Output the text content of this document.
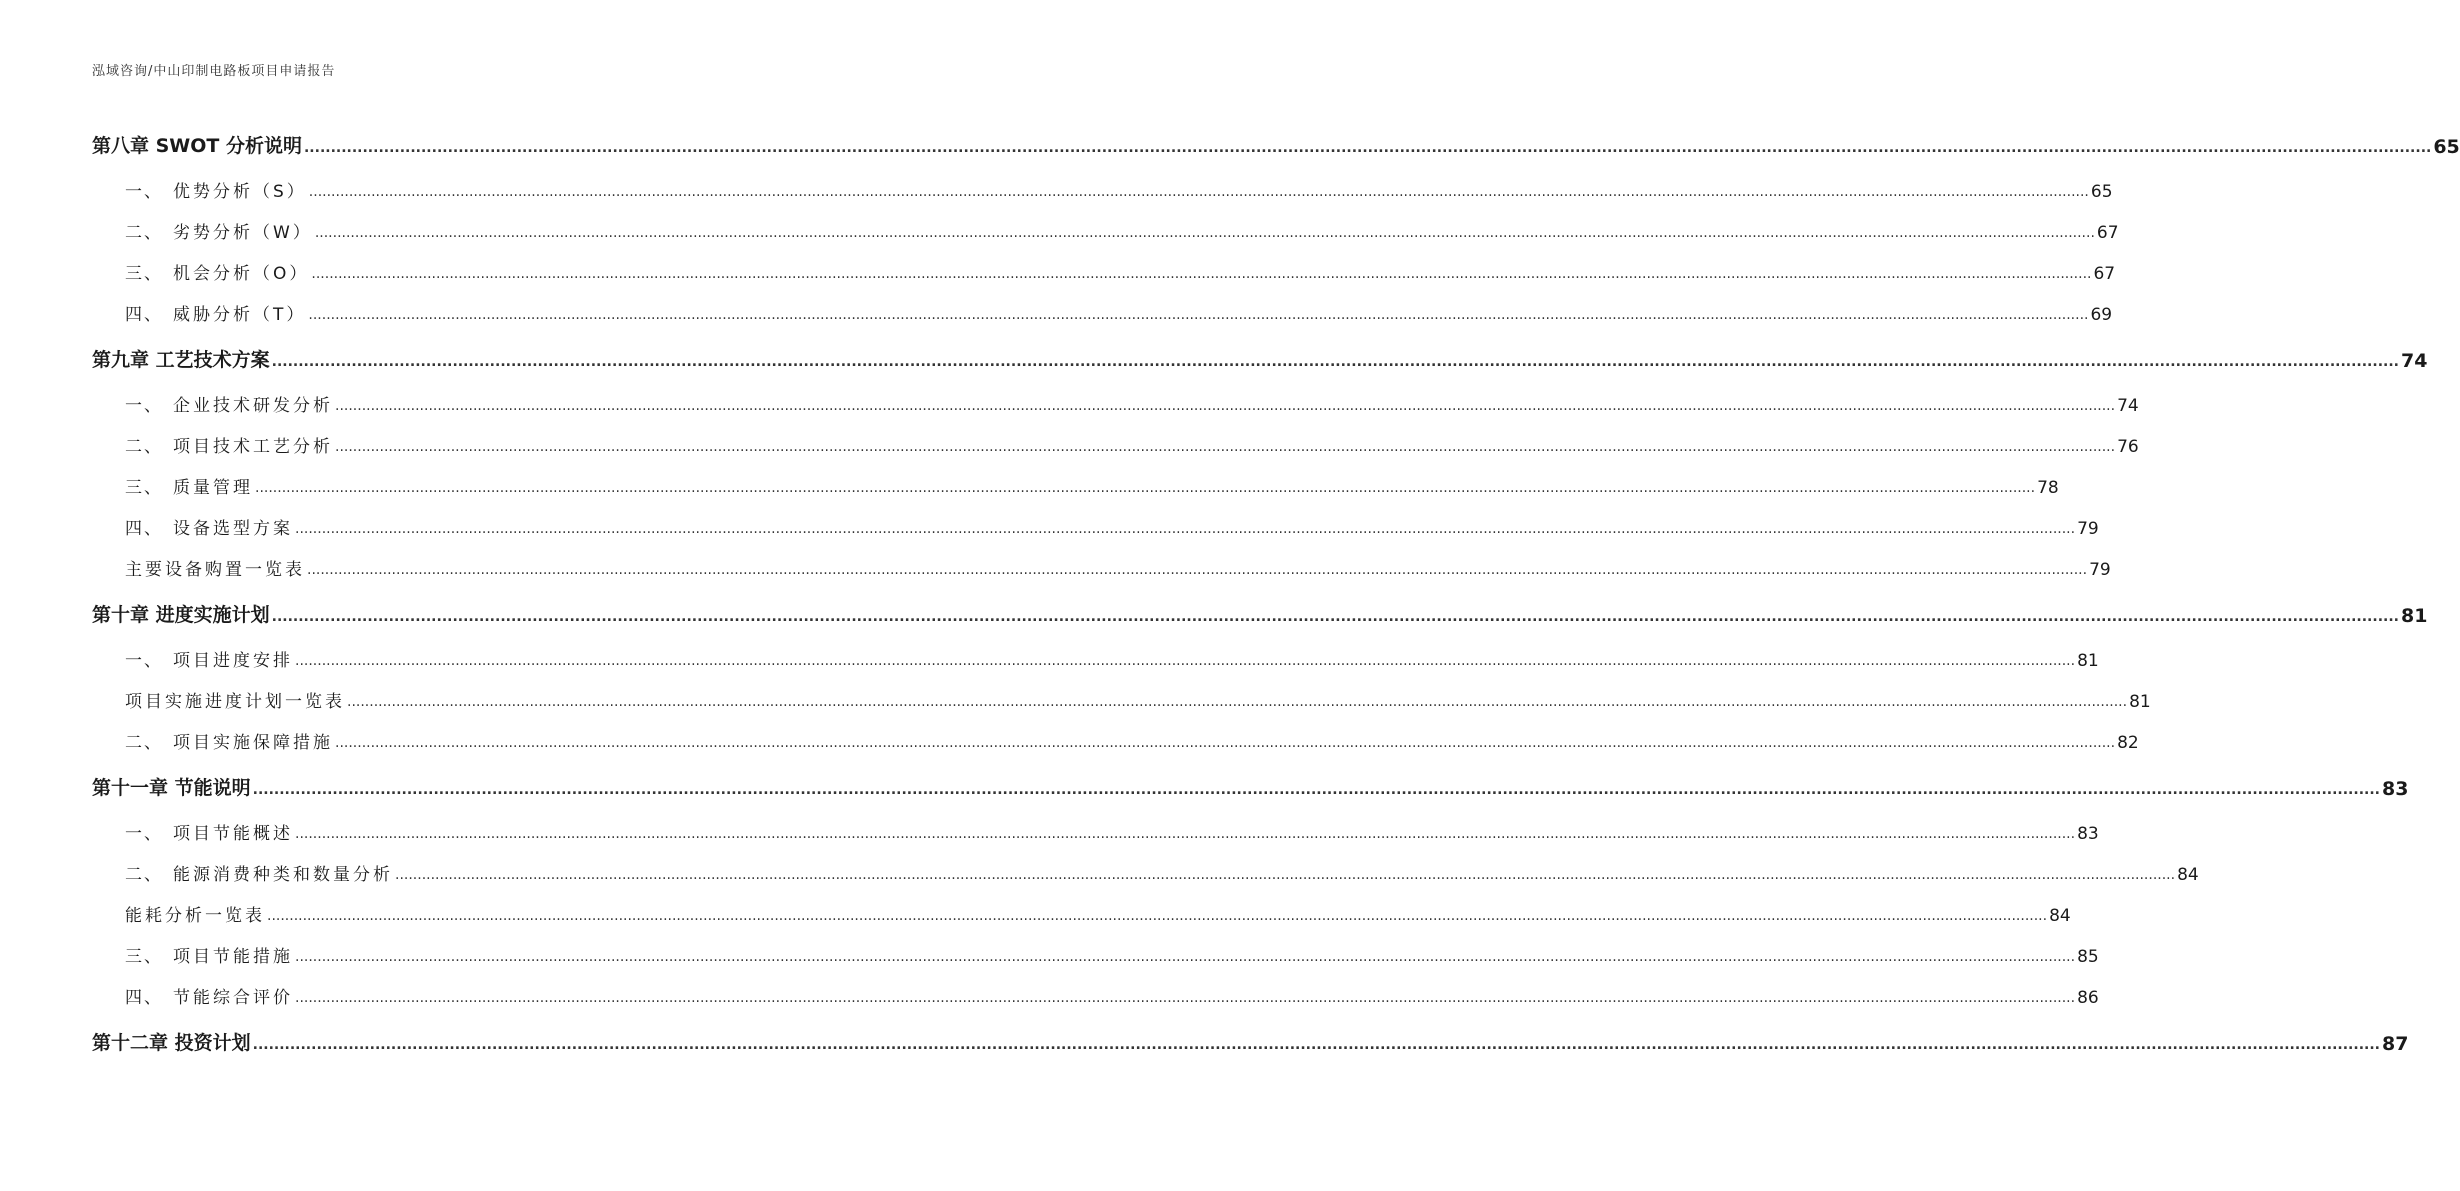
泓域咨询/中山印制电路板项目申请报告
第八章 SWOT 分析说明 ................................................................................................................................................................................................................................................................................................................................................................................................................ 65
一、 优势分析（S） ................................................................................................................................................................................................................................................................................................................................................................................................................ 65
二、 劣势分析（W） ................................................................................................................................................................................................................................................................................................................................................................................................................ 67
三、 机会分析（O） ................................................................................................................................................................................................................................................................................................................................................................................................................ 67
四、 威胁分析（T） ................................................................................................................................................................................................................................................................................................................................................................................................................ 69
第九章 工艺技术方案 ................................................................................................................................................................................................................................................................................................................................................................................................................ 74
一、 企业技术研发分析 ................................................................................................................................................................................................................................................................................................................................................................................................................ 74
二、 项目技术工艺分析 ................................................................................................................................................................................................................................................................................................................................................................................................................ 76
三、 质量管理 ................................................................................................................................................................................................................................................................................................................................................................................................................ 78
四、 设备选型方案 ................................................................................................................................................................................................................................................................................................................................................................................................................ 79
主要设备购置一览表 ................................................................................................................................................................................................................................................................................................................................................................................................................ 79
第十章 进度实施计划 ................................................................................................................................................................................................................................................................................................................................................................................................................ 81
一、 项目进度安排 ................................................................................................................................................................................................................................................................................................................................................................................................................ 81
项目实施进度计划一览表 ................................................................................................................................................................................................................................................................................................................................................................................................................ 81
二、 项目实施保障措施 ................................................................................................................................................................................................................................................................................................................................................................................................................ 82
第十一章 节能说明 ................................................................................................................................................................................................................................................................................................................................................................................................................ 83
一、 项目节能概述 ................................................................................................................................................................................................................................................................................................................................................................................................................ 83
二、 能源消费种类和数量分析 ................................................................................................................................................................................................................................................................................................................................................................................................................ 84
能耗分析一览表 ................................................................................................................................................................................................................................................................................................................................................................................................................ 84
三、 项目节能措施 ................................................................................................................................................................................................................................................................................................................................................................................................................ 85
四、 节能综合评价 ................................................................................................................................................................................................................................................................................................................................................................................................................ 86
第十二章 投资计划 ................................................................................................................................................................................................................................................................................................................................................................................................................ 87
